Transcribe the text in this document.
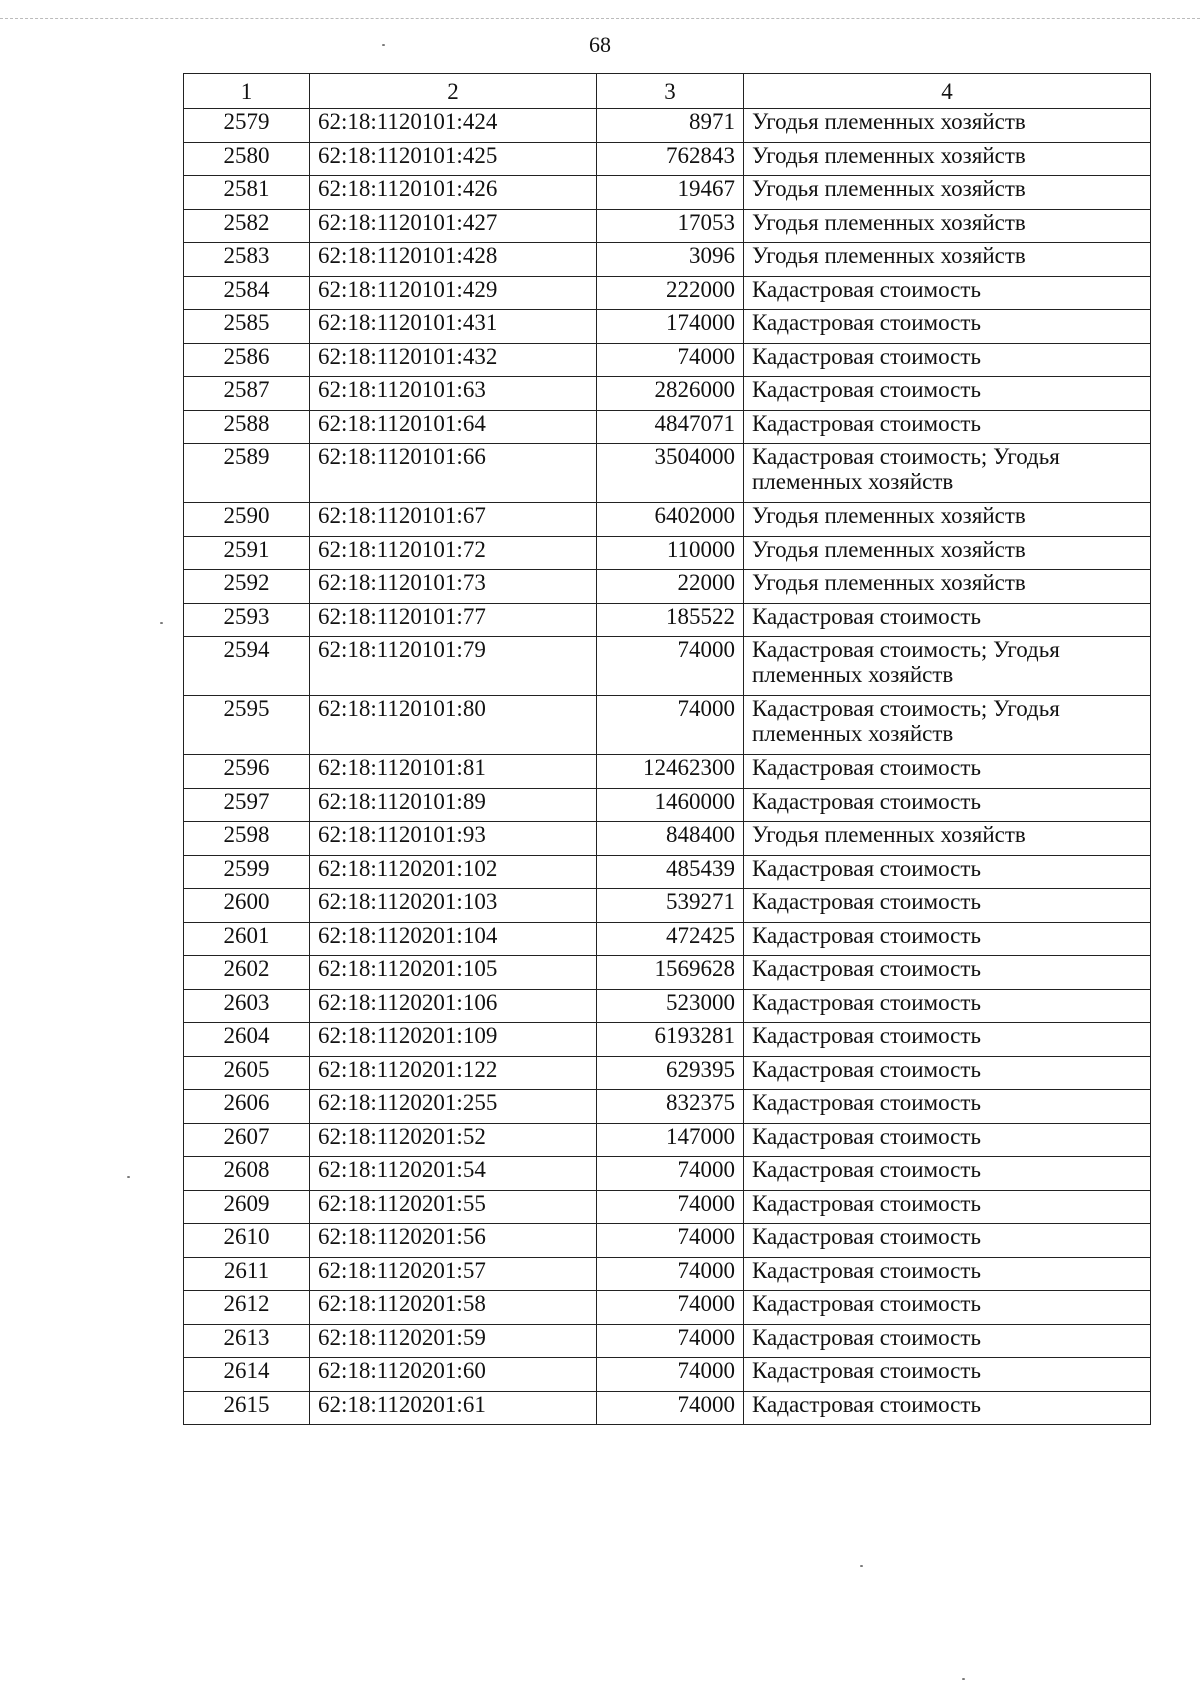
68
1	2	3	4
2579	62:18:1120101:424	8971	Угодья племенных хозяйств
2580	62:18:1120101:425	762843	Угодья племенных хозяйств
2581	62:18:1120101:426	19467	Угодья племенных хозяйств
2582	62:18:1120101:427	17053	Угодья племенных хозяйств
2583	62:18:1120101:428	3096	Угодья племенных хозяйств
2584	62:18:1120101:429	222000	Кадастровая стоимость
2585	62:18:1120101:431	174000	Кадастровая стоимость
2586	62:18:1120101:432	74000	Кадастровая стоимость
2587	62:18:1120101:63	2826000	Кадастровая стоимость
2588	62:18:1120101:64	4847071	Кадастровая стоимость
2589	62:18:1120101:66	3504000	Кадастровая стоимость; Угодья племенных хозяйств
2590	62:18:1120101:67	6402000	Угодья племенных хозяйств
2591	62:18:1120101:72	110000	Угодья племенных хозяйств
2592	62:18:1120101:73	22000	Угодья племенных хозяйств
2593	62:18:1120101:77	185522	Кадастровая стоимость
2594	62:18:1120101:79	74000	Кадастровая стоимость; Угодья племенных хозяйств
2595	62:18:1120101:80	74000	Кадастровая стоимость; Угодья племенных хозяйств
2596	62:18:1120101:81	12462300	Кадастровая стоимость
2597	62:18:1120101:89	1460000	Кадастровая стоимость
2598	62:18:1120101:93	848400	Угодья племенных хозяйств
2599	62:18:1120201:102	485439	Кадастровая стоимость
2600	62:18:1120201:103	539271	Кадастровая стоимость
2601	62:18:1120201:104	472425	Кадастровая стоимость
2602	62:18:1120201:105	1569628	Кадастровая стоимость
2603	62:18:1120201:106	523000	Кадастровая стоимость
2604	62:18:1120201:109	6193281	Кадастровая стоимость
2605	62:18:1120201:122	629395	Кадастровая стоимость
2606	62:18:1120201:255	832375	Кадастровая стоимость
2607	62:18:1120201:52	147000	Кадастровая стоимость
2608	62:18:1120201:54	74000	Кадастровая стоимость
2609	62:18:1120201:55	74000	Кадастровая стоимость
2610	62:18:1120201:56	74000	Кадастровая стоимость
2611	62:18:1120201:57	74000	Кадастровая стоимость
2612	62:18:1120201:58	74000	Кадастровая стоимость
2613	62:18:1120201:59	74000	Кадастровая стоимость
2614	62:18:1120201:60	74000	Кадастровая стоимость
2615	62:18:1120201:61	74000	Кадастровая стоимость
